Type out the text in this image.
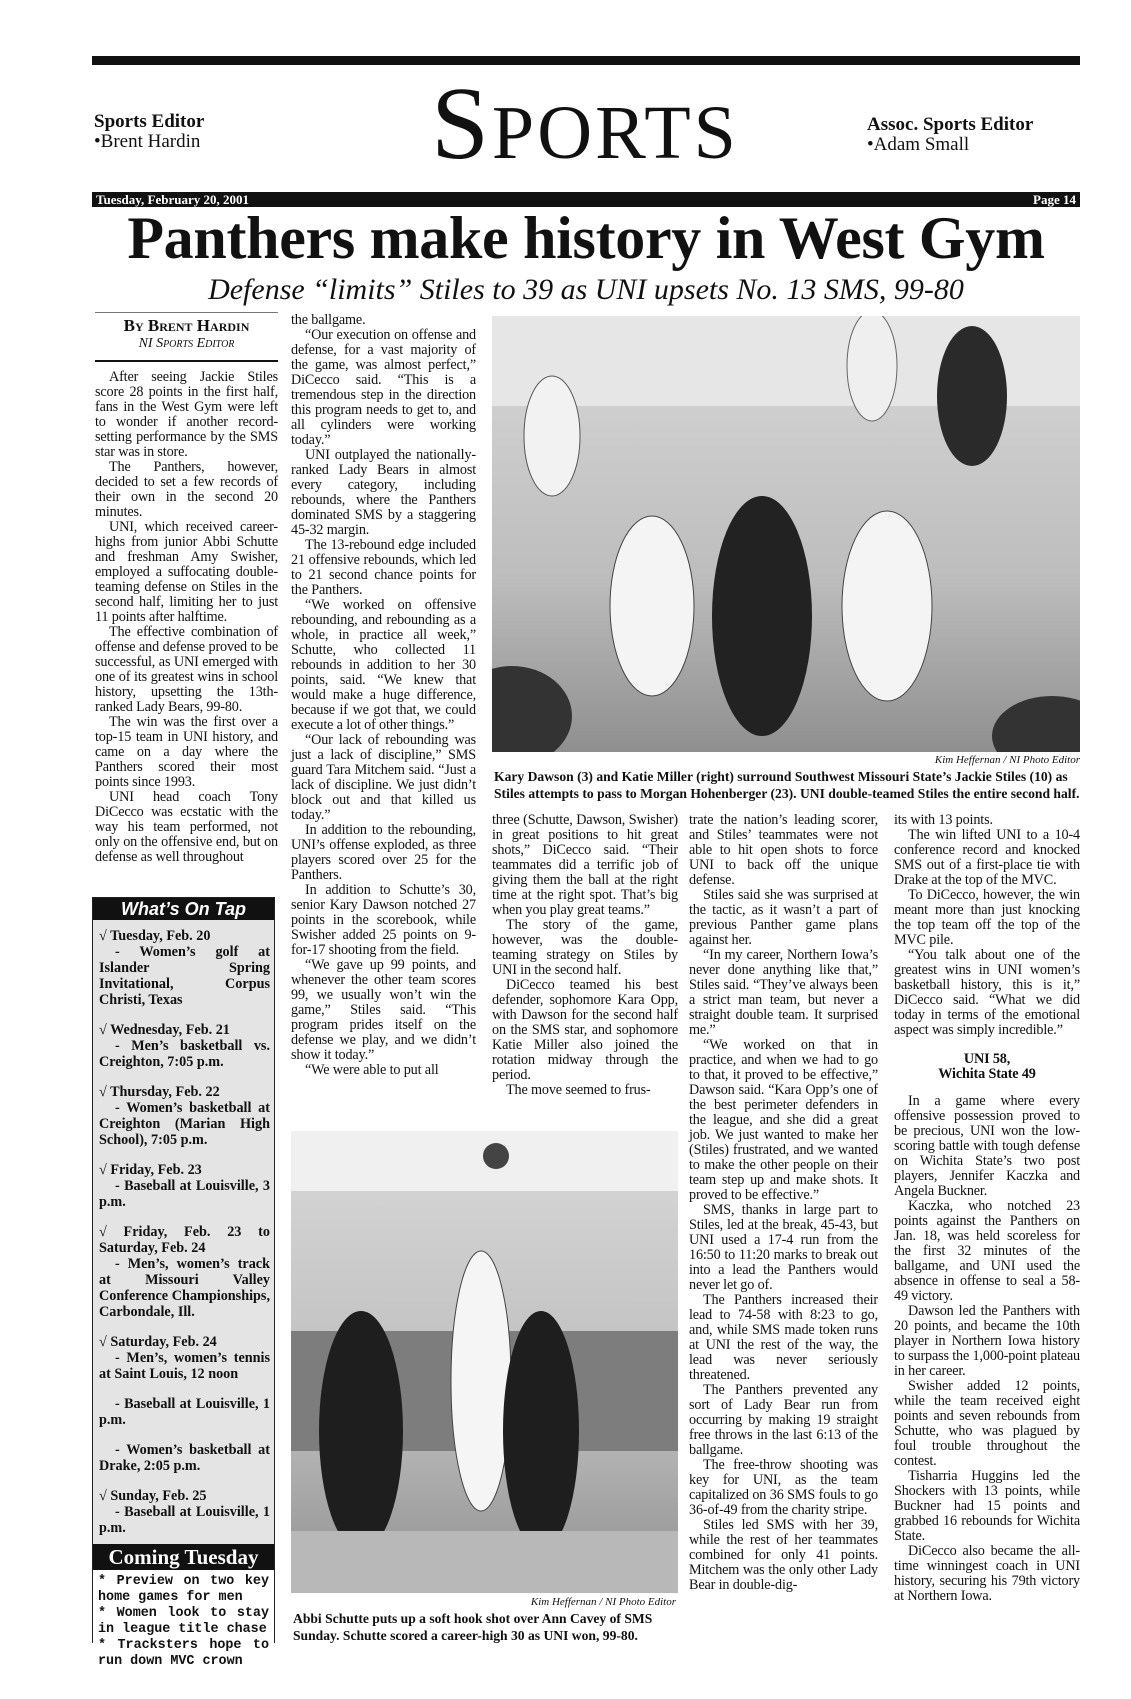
Sports Editor
•Brent Hardin SPORTS	Assoc. Sports Editor
•Adam Small
Tuesday, February 20, 2001	Page 14
Panthers make history in West Gym
Defense “limits” Stiles to 39 as UNI upsets No. 13 SMS, 99-80
By Brent Hardin
NI Sports Editor

After seeing Jackie Stiles score 28 points in the first half, fans in the West Gym were left to wonder if another record-setting performance by the SMS star was in store.

The Panthers, however, decided to set a few records of their own in the second 20 minutes.

UNI, which received career-highs from junior Abbi Schutte and freshman Amy Swisher, employed a suffocating double-teaming defense on Stiles in the second half, limiting her to just 11 points after halftime.

The effective combination of offense and defense proved to be successful, as UNI emerged with one of its greatest wins in school history, upsetting the 13th-ranked Lady Bears, 99-80.

The win was the first over a top-15 team in UNI history, and came on a day where the Panthers scored their most points since 1993.

UNI head coach Tony DiCecco was ecstatic with the way his team performed, not only on the offensive end, but on defense as well throughout

the ballgame.

“Our execution on offense and defense, for a vast majority of the game, was almost perfect,” DiCecco said. “This is a tremendous step in the direction this program needs to get to, and all cylinders were working today.”

UNI outplayed the nationally-ranked Lady Bears in almost every category, including rebounds, where the Panthers dominated SMS by a staggering 45-32 margin.

The 13-rebound edge included 21 offensive rebounds, which led to 21 second chance points for the Panthers.

“We worked on offensive rebounding, and rebounding as a whole, in practice all week,” Schutte, who collected 11 rebounds in addition to her 30 points, said. “We knew that would make a huge difference, because if we got that, we could execute a lot of other things.”

“Our lack of rebounding was just a lack of discipline,” SMS guard Tara Mitchem said. “Just a lack of discipline. We just didn’t block out and that killed us today.”

In addition to the rebounding, UNI’s offense exploded, as three players scored over 25 for the Panthers.

In addition to Schutte’s 30, senior Kary Dawson notched 27 points in the scorebook, while Swisher added 25 points on 9-for-17 shooting from the field.

“We gave up 99 points, and whenever the other team scores 99, we usually won’t win the game,” Stiles said. “This program prides itself on the defense we play, and we didn’t show it today.”

“We were able to put all

Kim Heffernan / NI Photo Editor
Kary Dawson (3) and Katie Miller (right) surround Southwest Missouri State’s Jackie Stiles (10) as Stiles attempts to pass to Morgan Hohenberger (23). UNI double-teamed Stiles the entire second half.

three (Schutte, Dawson, Swisher) in great positions to hit great shots,” DiCecco said. “Their teammates did a terrific job of giving them the ball at the right time at the right spot. That’s big when you play great teams.”

The story of the game, however, was the double-teaming strategy on Stiles by UNI in the second half.

DiCecco teamed his best defender, sophomore Kara Opp, with Dawson for the second half on the SMS star, and sophomore Katie Miller also joined the rotation midway through the period.

The move seemed to frus-

trate the nation’s leading scorer, and Stiles’ teammates were not able to hit open shots to force UNI to back off the unique defense.

Stiles said she was surprised at the tactic, as it wasn’t a part of previous Panther game plans against her.

“In my career, Northern Iowa’s never done anything like that,” Stiles said. “They’ve always been a strict man team, but never a straight double team. It surprised me.”

“We worked on that in practice, and when we had to go to that, it proved to be effective,” Dawson said. “Kara Opp’s one of the best perimeter defenders in the league, and she did a great job. We just wanted to make her (Stiles) frustrated, and we wanted to make the other people on their team step up and make shots. It proved to be effective.”

SMS, thanks in large part to Stiles, led at the break, 45-43, but UNI used a 17-4 run from the 16:50 to 11:20 marks to break out into a lead the Panthers would never let go of.

The Panthers increased their lead to 74-58 with 8:23 to go, and, while SMS made token runs at UNI the rest of the way, the lead was never seriously threatened.

The Panthers prevented any sort of Lady Bear run from occurring by making 19 straight free throws in the last 6:13 of the ballgame.

The free-throw shooting was key for UNI, as the team capitalized on 36 SMS fouls to go 36-of-49 from the charity stripe.

Stiles led SMS with her 39, while the rest of her teammates combined for only 41 points. Mitchem was the only other Lady Bear in double-dig-

its with 13 points.

The win lifted UNI to a 10-4 conference record and knocked SMS out of a first-place tie with Drake at the top of the MVC.

To DiCecco, however, the win meant more than just knocking the top team off the top of the MVC pile.

“You talk about one of the greatest wins in UNI women’s basketball history, this is it,” DiCecco said. “What we did today in terms of the emotional aspect was simply incredible.”

UNI 58,
Wichita State 49

In a game where every offensive possession proved to be precious, UNI won the low-scoring battle with tough defense on Wichita State’s two post players, Jennifer Kaczka and Angela Buckner.

Kaczka, who notched 23 points against the Panthers on Jan. 18, was held scoreless for the first 32 minutes of the ballgame, and UNI used the absence in offense to seal a 58-49 victory.

Dawson led the Panthers with 20 points, and became the 10th player in Northern Iowa history to surpass the 1,000-point plateau in her career.

Swisher added 12 points, while the team received eight points and seven rebounds from Schutte, who was plagued by foul trouble throughout the contest.

Tisharria Huggins led the Shockers with 13 points, while Buckner had 15 points and grabbed 16 rebounds for Wichita State.

DiCecco also became the all-time winningest coach in UNI history, securing his 79th victory at Northern Iowa.

Kim Heffernan / NI Photo Editor
Abbi Schutte puts up a soft hook shot over Ann Cavey of SMS Sunday. Schutte scored a career-high 30 as UNI won, 99-80.
What’s On Tap
√ Tuesday, Feb. 20
- Women’s golf at Islander Spring Invitational, Corpus Christi, Texas
√ Wednesday, Feb. 21
- Men’s basketball vs. Creighton, 7:05 p.m.
√ Thursday, Feb. 22
- Women’s basketball at Creighton (Marian High School), 7:05 p.m.
√ Friday, Feb. 23
- Baseball at Louisville, 3 p.m.
√ Friday, Feb. 23 to Saturday, Feb. 24
- Men’s, women’s track at Missouri Valley Conference Championships, Carbondale, Ill.
√ Saturday, Feb. 24
- Men’s, women’s tennis at Saint Louis, 12 noon
- Baseball at Louisville, 1 p.m.
- Women’s basketball at Drake, 2:05 p.m.
√ Sunday, Feb. 25
- Baseball at Louisville, 1 p.m.
Coming Tuesday
* Preview on two key home games for men
* Women look to stay in league title chase
* Tracksters hope to run down MVC crown
